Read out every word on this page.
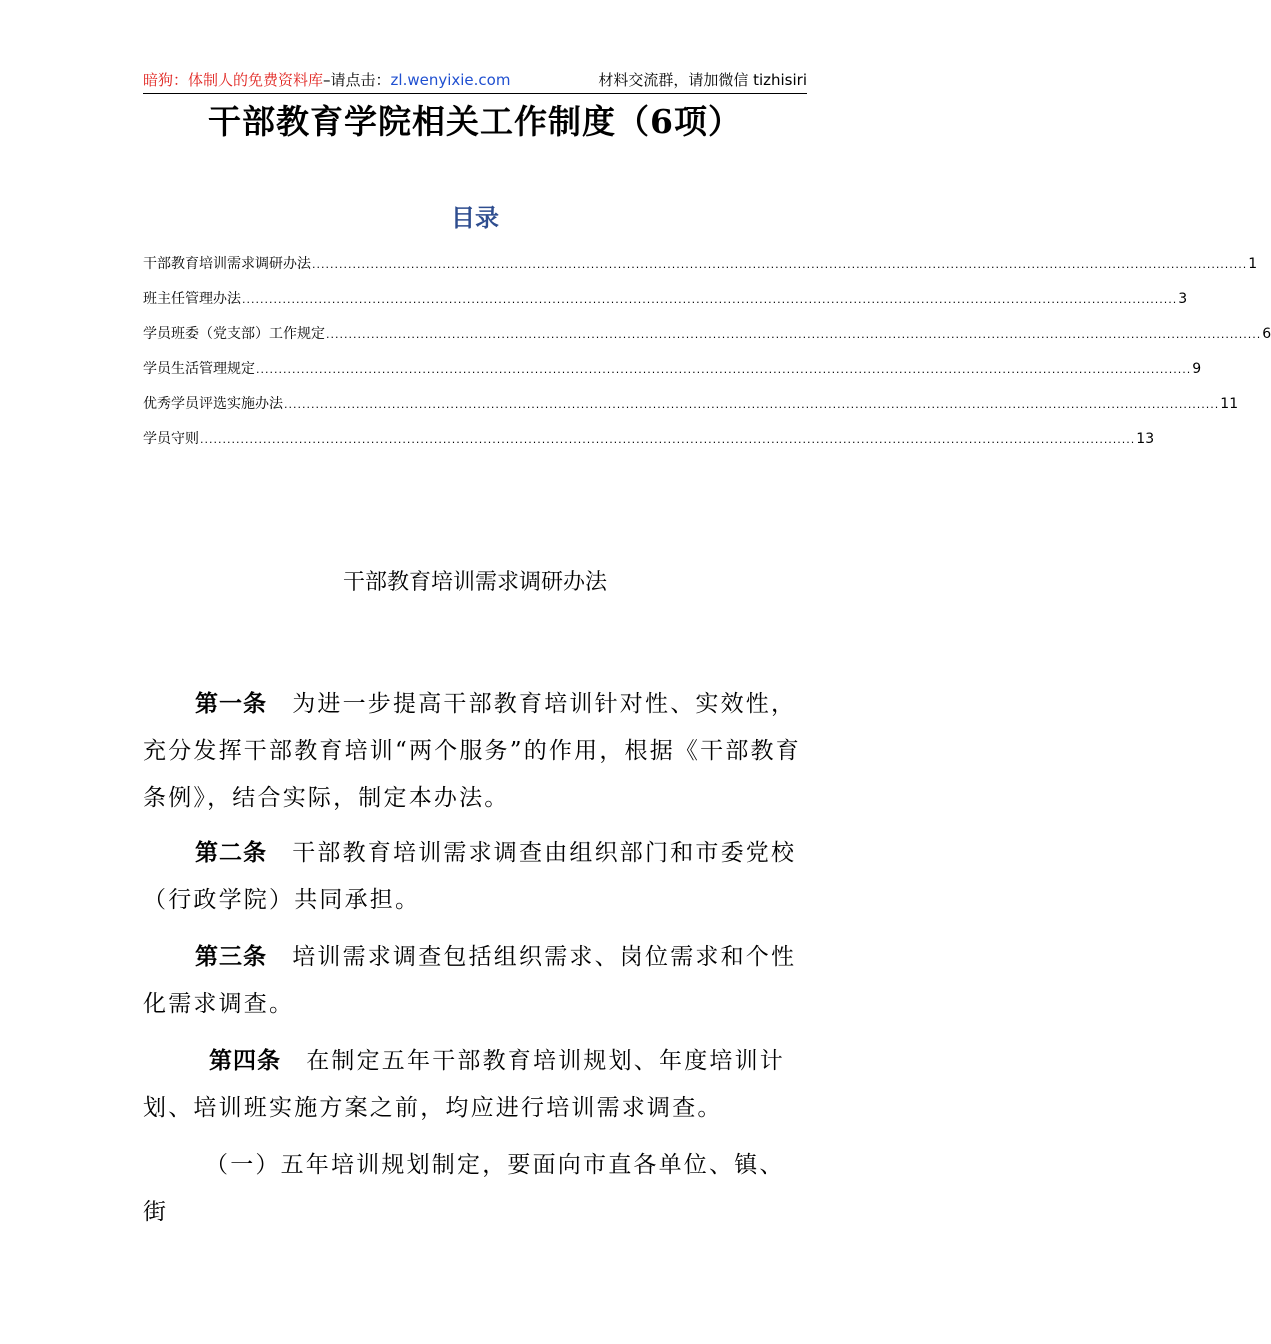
暗狗：体制人的免费资料库–请点击：zl.wenyixie.com	材料交流群，请加微信 tizhisiri
干部教育学院相关工作制度（6项）
目录
干部教育培训需求调研办法 ................................................................................................................................................................................................................ 1
班主任管理办法 ................................................................................................................................................................................................................ 3
学员班委（党支部）工作规定 ................................................................................................................................................................................................................ 6
学员生活管理规定 ................................................................................................................................................................................................................ 9
优秀学员评选实施办法 ................................................................................................................................................................................................................ 11
学员守则 ................................................................................................................................................................................................................ 13
干部教育培训需求调研办法
第一条　 为进一步提高干部教育培训针对性、实效性，充分发挥干部教育培训“两个服务”的作用，根据《干部教育条例》，结合实际，制定本办法。
第二条　 干部教育培训需求调查由组织部门和市委党校（行政学院）共同承担。
第三条　 培训需求调查包括组织需求、岗位需求和个性化需求调查。
第四条　 在制定五年干部教育培训规划、年度培训计划、培训班实施方案之前，均应进行培训需求调查。
（一）五年培训规划制定，要面向市直各单位、镇、街
